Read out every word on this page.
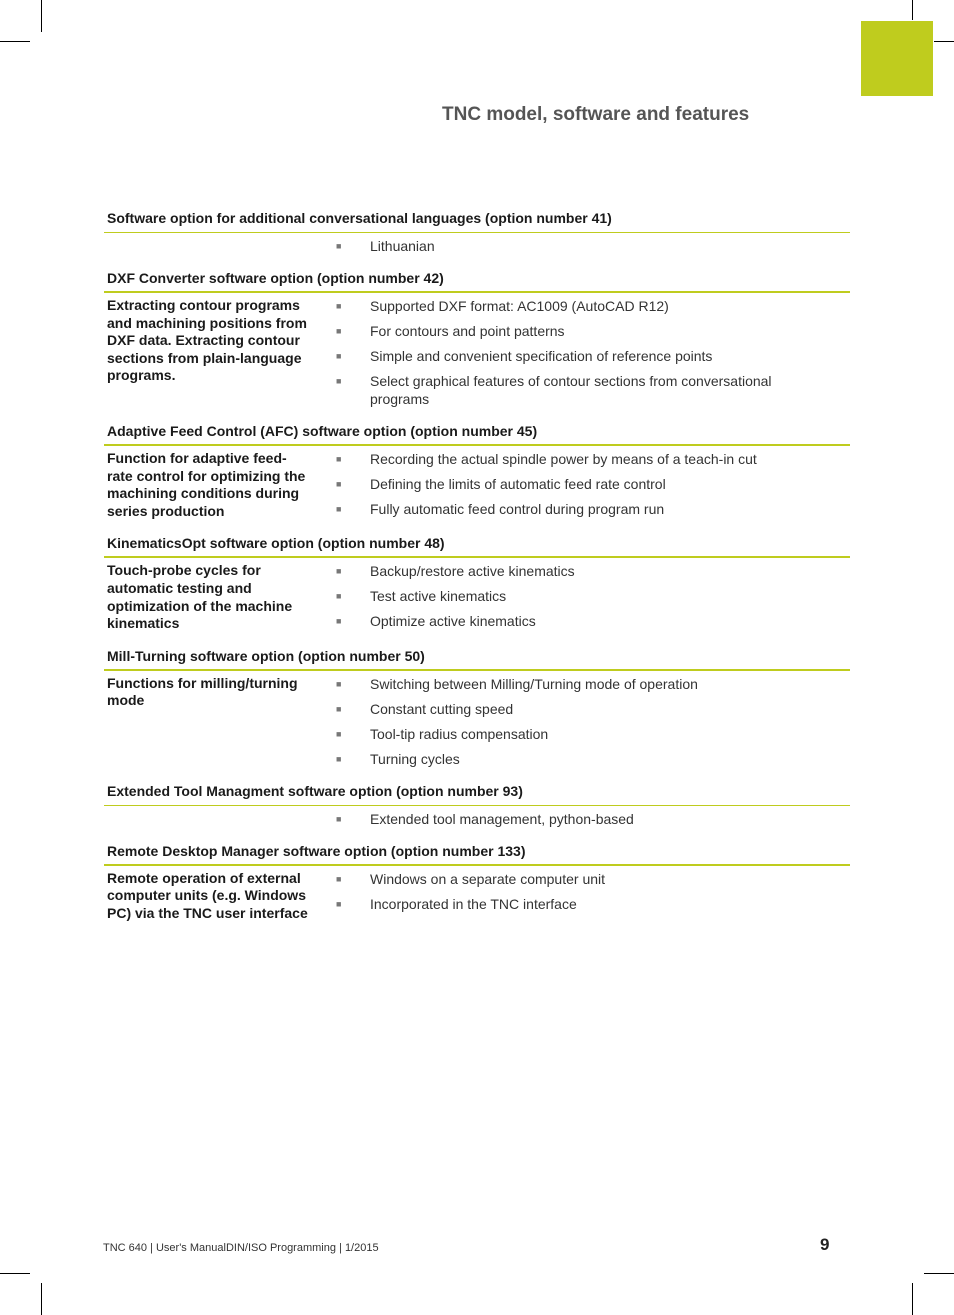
TNC model, software and features
Software option for additional conversational languages (option number 41)
■	Lithuanian
DXF Converter software option (option number 42)
Extracting contour programs and machining positions from DXF data. Extracting contour sections from plain-language programs.
■	Supported DXF format: AC1009 (AutoCAD R12)
■	For contours and point patterns
■	Simple and convenient specification of reference points
■	Select graphical features of contour sections from conversational programs
Adaptive Feed Control (AFC) software option (option number 45)
Function for adaptive feed-rate control for optimizing the machining conditions during series production
■	Recording the actual spindle power by means of a teach-in cut
■	Defining the limits of automatic feed rate control
■	Fully automatic feed control during program run
KinematicsOpt software option (option number 48)
Touch-probe cycles for automatic testing and optimization of the machine kinematics
■	Backup/restore active kinematics
■	Test active kinematics
■	Optimize active kinematics
Mill-Turning software option (option number 50)
Functions for milling/turning mode
■	Switching between Milling/Turning mode of operation
■	Constant cutting speed
■	Tool-tip radius compensation
■	Turning cycles
Extended Tool Managment software option (option number 93)
■	Extended tool management, python-based
Remote Desktop Manager software option (option number 133)
Remote operation of external computer units (e.g. Windows PC) via the TNC user interface
■	Windows on a separate computer unit
■	Incorporated in the TNC interface
TNC 640 | User's ManualDIN/ISO Programming | 1/2015	9
